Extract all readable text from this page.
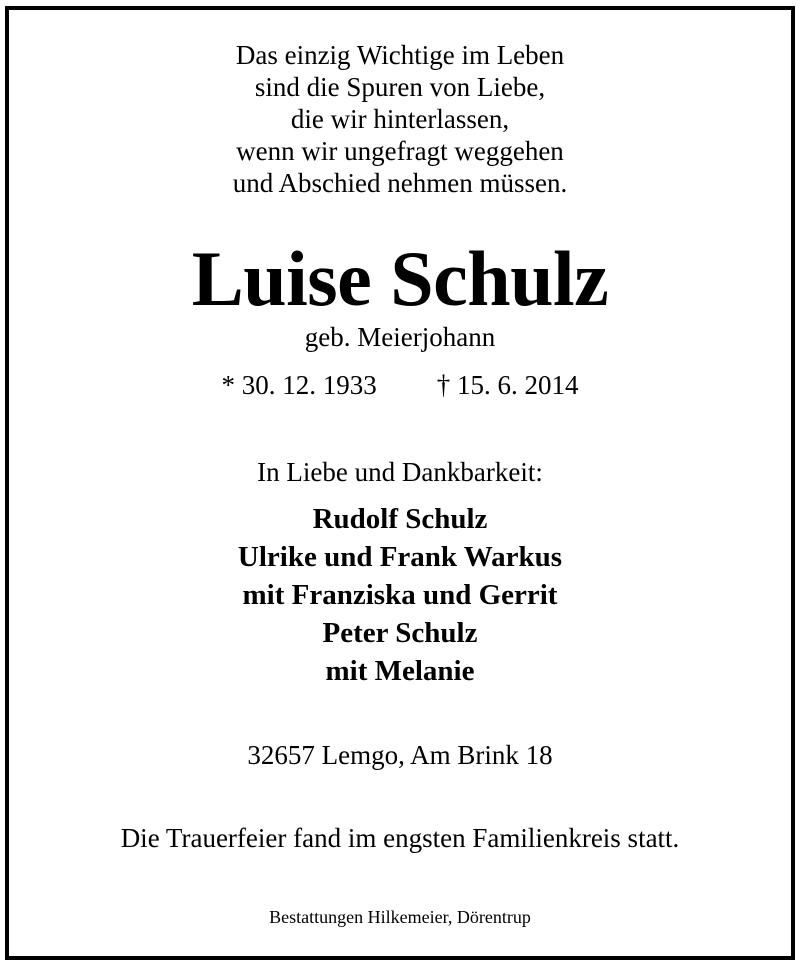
Das einzig Wichtige im Leben
sind die Spuren von Liebe,
die wir hinterlassen,
wenn wir ungefragt weggehen
und Abschied nehmen müssen.
Luise Schulz
geb. Meierjohann
* 30. 12. 1933 † 15. 6. 2014
In Liebe und Dankbarkeit:
Rudolf Schulz
Ulrike und Frank Warkus
mit Franziska und Gerrit
Peter Schulz
mit Melanie
32657 Lemgo, Am Brink 18
Die Trauerfeier fand im engsten Familienkreis statt.
Bestattungen Hilkemeier, Dörentrup
